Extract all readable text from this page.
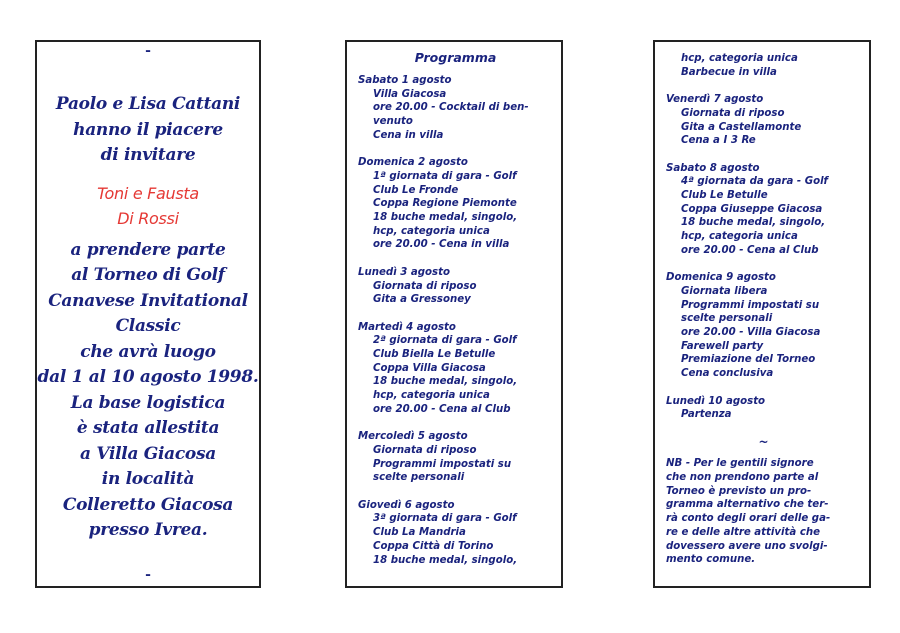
-
Paolo e Lisa Cattani
hanno il piacere
di invitare
Toni e Fausta
Di Rossi
a prendere parte
al Torneo di Golf
Canavese Invitational
Classic
che avrà luogo
dal 1 al 10 agosto 1998.
La base logistica
è stata allestita
a Villa Giacosa
in località
Colleretto Giacosa
presso Ivrea.
-
Programma
Sabato 1 agosto
Villa Giacosa
ore 20.00 - Cocktail di ben-
venuto
Cena in villa
Domenica 2 agosto
1ª giornata di gara - Golf
Club Le Fronde
Coppa Regione Piemonte
18 buche medal, singolo,
hcp, categoria unica
ore 20.00 - Cena in villa
Lunedì 3 agosto
Giornata di riposo
Gita a Gressoney
Martedì 4 agosto
2ª giornata di gara - Golf
Club Biella Le Betulle
Coppa Villa Giacosa
18 buche medal, singolo,
hcp, categoria unica
ore 20.00 - Cena al Club
Mercoledì 5 agosto
Giornata di riposo
Programmi impostati su
scelte personali
Giovedì 6 agosto
3ª giornata di gara - Golf
Club La Mandria
Coppa Città di Torino
18 buche medal, singolo,
hcp, categoria unica
Barbecue in villa
Venerdì 7 agosto
Giornata di riposo
Gita a Castellamonte
Cena a I 3 Re
Sabato 8 agosto
4ª giornata da gara - Golf
Club Le Betulle
Coppa Giuseppe Giacosa
18 buche medal, singolo,
hcp, categoria unica
ore 20.00 - Cena al Club
Domenica 9 agosto
Giornata libera
Programmi impostati su
scelte personali
ore 20.00 - Villa Giacosa
Farewell party
Premiazione del Torneo
Cena conclusiva
Lunedì 10 agosto
Partenza
~
NB - Per le gentili signore
che non prendono parte al
Torneo è previsto un pro-
gramma alternativo che ter-
rà conto degli orari delle ga-
re e delle altre attività che
dovessero avere uno svolgi-
mento comune.
